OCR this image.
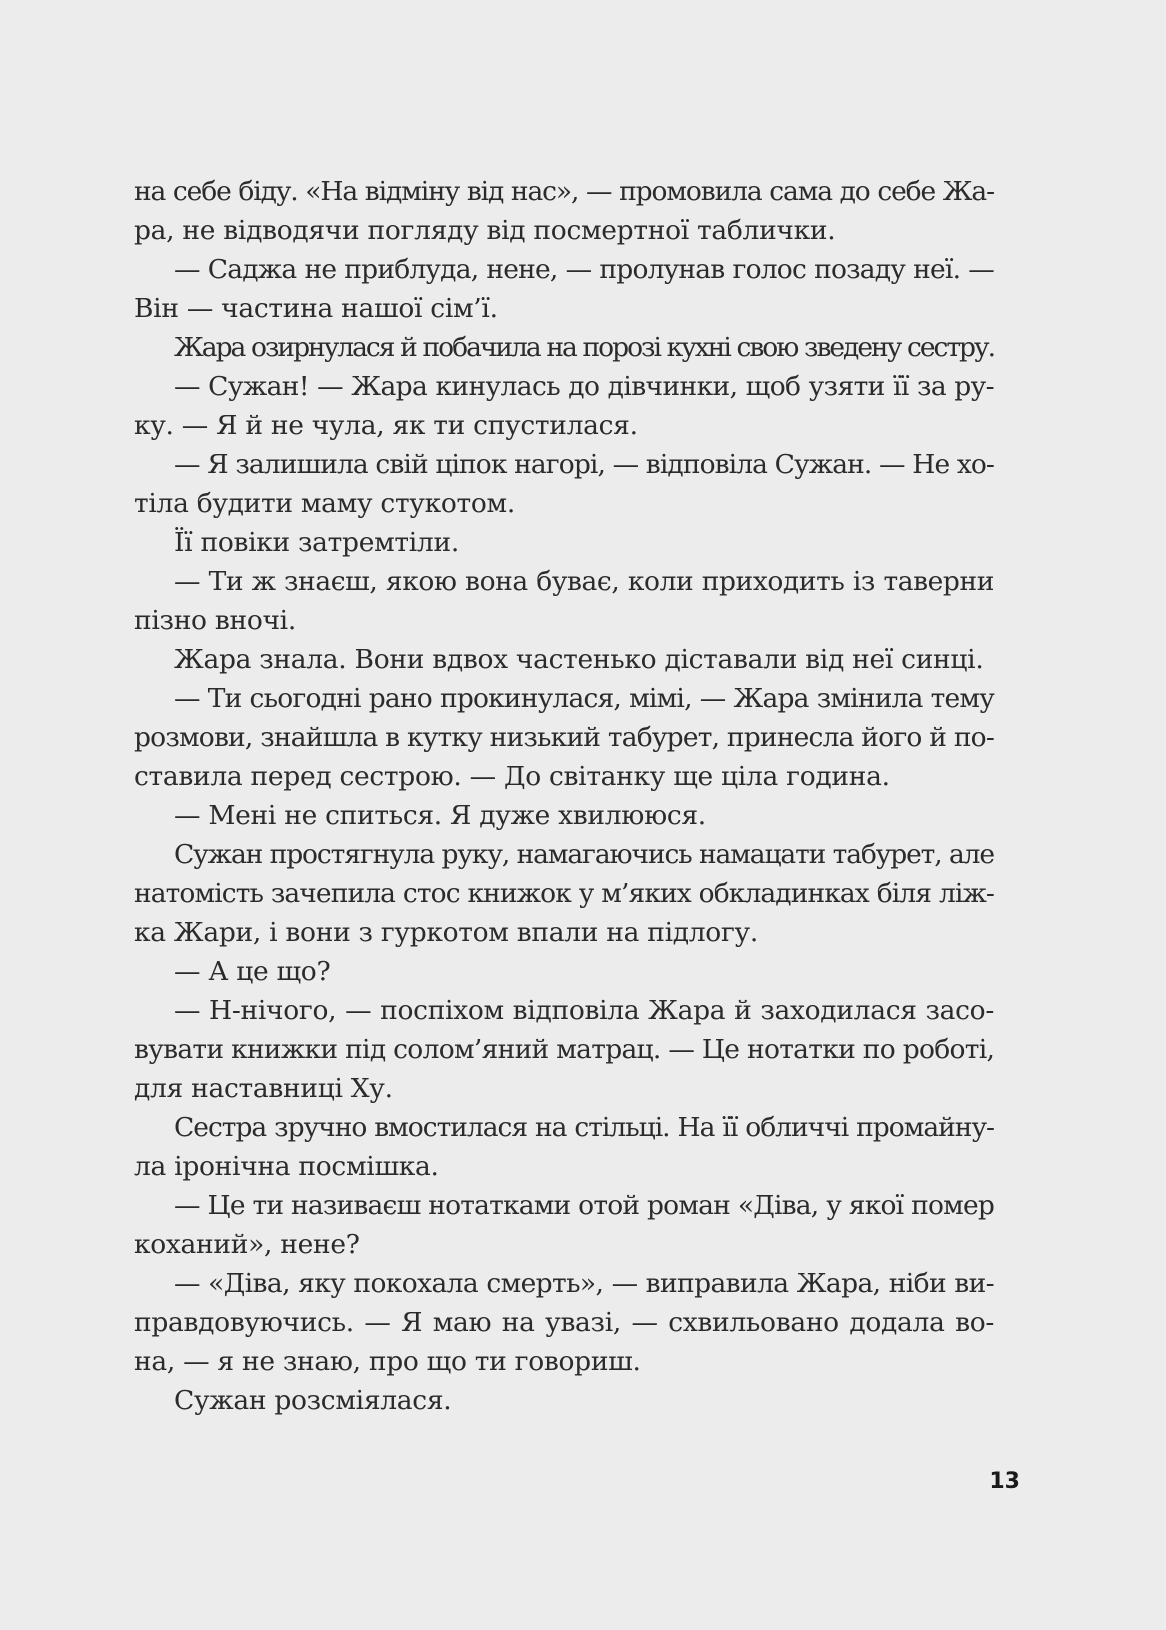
на себе біду. «На відміну від нас», — промовила сама до себе Жа-
ра, не відводячи погляду від посмертної таблички.
— Саджа не приблуда, нене, — пролунав голос позаду неї. —
Він — частина нашої сім’ї.
Жара озирнулася й побачила на порозі кухні свою зведену сестру.
— Сужан! — Жара кинулась до дівчинки, щоб узяти її за ру-
ку. — Я й не чула, як ти спустилася.
— Я залишила свій ціпок нагорі, — відповіла Сужан. — Не хо-
тіла будити маму стукотом.
Її повіки затремтіли.
— Ти ж знаєш, якою вона буває, коли приходить із таверни
пізно вночі.
Жара знала. Вони вдвох частенько діставали від неї синці.
— Ти сьогодні рано прокинулася, мімі, — Жара змінила тему
розмови, знайшла в кутку низький табурет, принесла його й по-
ставила перед сестрою. — До світанку ще ціла година.
— Мені не спиться. Я дуже хвилююся.
Сужан простягнула руку, намагаючись намацати табурет, але
натомість зачепила стос книжок у м’яких обкладинках біля ліж-
ка Жари, і вони з гуркотом впали на підлогу.
— А це що?
— Н-нічого, — поспіхом відповіла Жара й заходилася засо-
вувати книжки під солом’яний матрац. — Це нотатки по роботі,
для наставниці Ху.
Сестра зручно вмостилася на стільці. На її обличчі промайну-
ла іронічна посмішка.
— Це ти називаєш нотатками отой роман «Діва, у якої помер
коханий», нене?
— «Діва, яку покохала смерть», — виправила Жара, ніби ви-
правдовуючись. — Я маю на увазі, — схвильовано додала во-
на, — я не знаю, про що ти говориш.
Сужан розсміялася.
13
